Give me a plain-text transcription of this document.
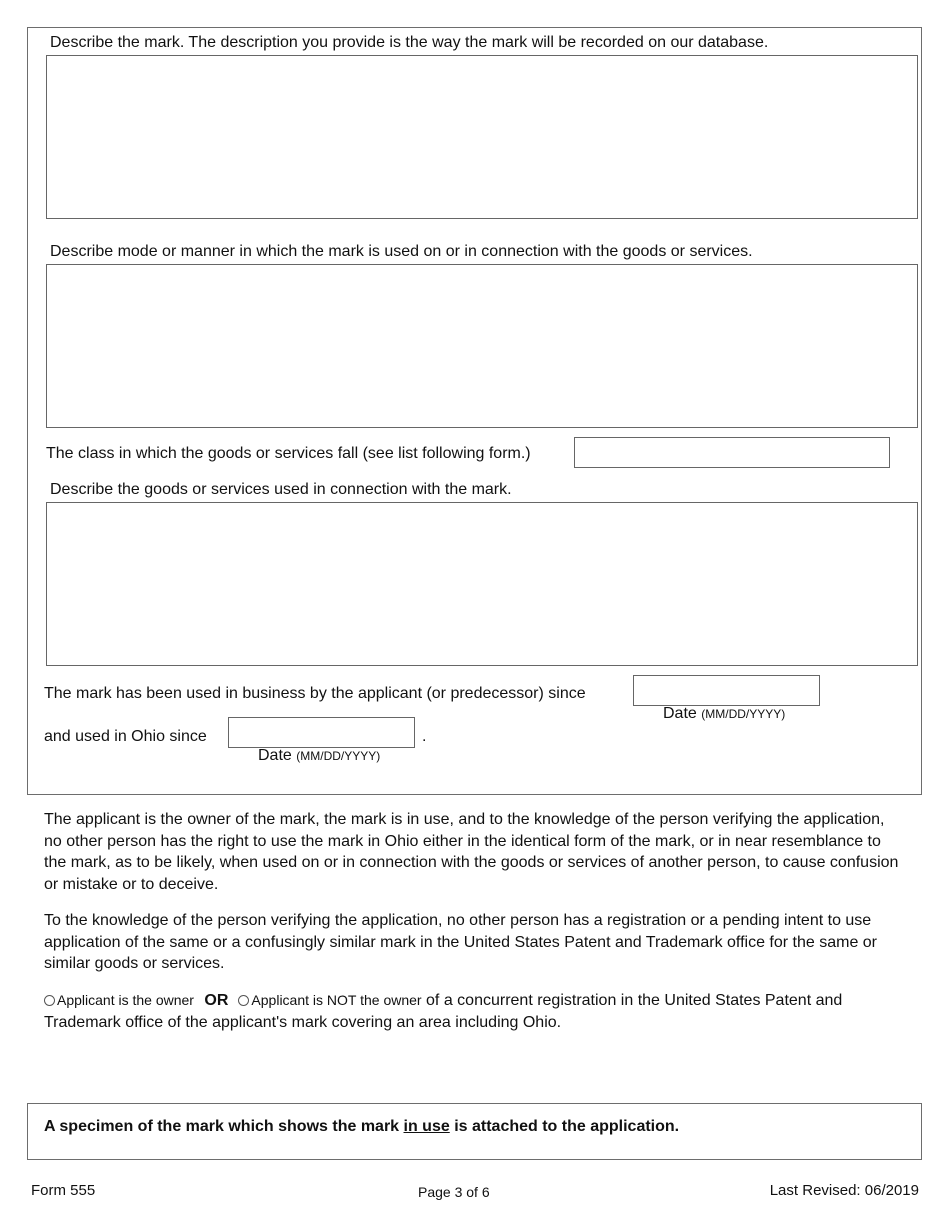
Describe the mark. The description you provide is the way the mark will be recorded on our database.
Describe mode or manner in which the mark is used on or in connection with the goods or services.
The class in which the goods or services fall (see list following form.)
Describe the goods or services used in connection with the mark.
The mark has been used in business by the applicant (or predecessor) since
Date (MM/DD/YYYY)
and used in Ohio since	.
Date (MM/DD/YYYY)
The applicant is the owner of the mark, the mark is in use, and to the knowledge of the person verifying the application, no other person has the right to use the mark in Ohio either in the identical form of the mark, or in near resemblance to the mark, as to be likely, when used on or in connection with the goods or services of another person, to cause confusion or mistake or to deceive.
To the knowledge of the person verifying the application, no other person has a registration or a pending intent to use application of the same or a confusingly similar mark in the United States Patent and Trademark office for the same or similar goods or services.
Applicant is the owner OR Applicant is NOT the owner of a concurrent registration in the United States Patent and Trademark office of the applicant's mark covering an area including Ohio.
A specimen of the mark which shows the mark in use is attached to the application.
Form 555	Page 3 of 6	Last Revised: 06/2019
